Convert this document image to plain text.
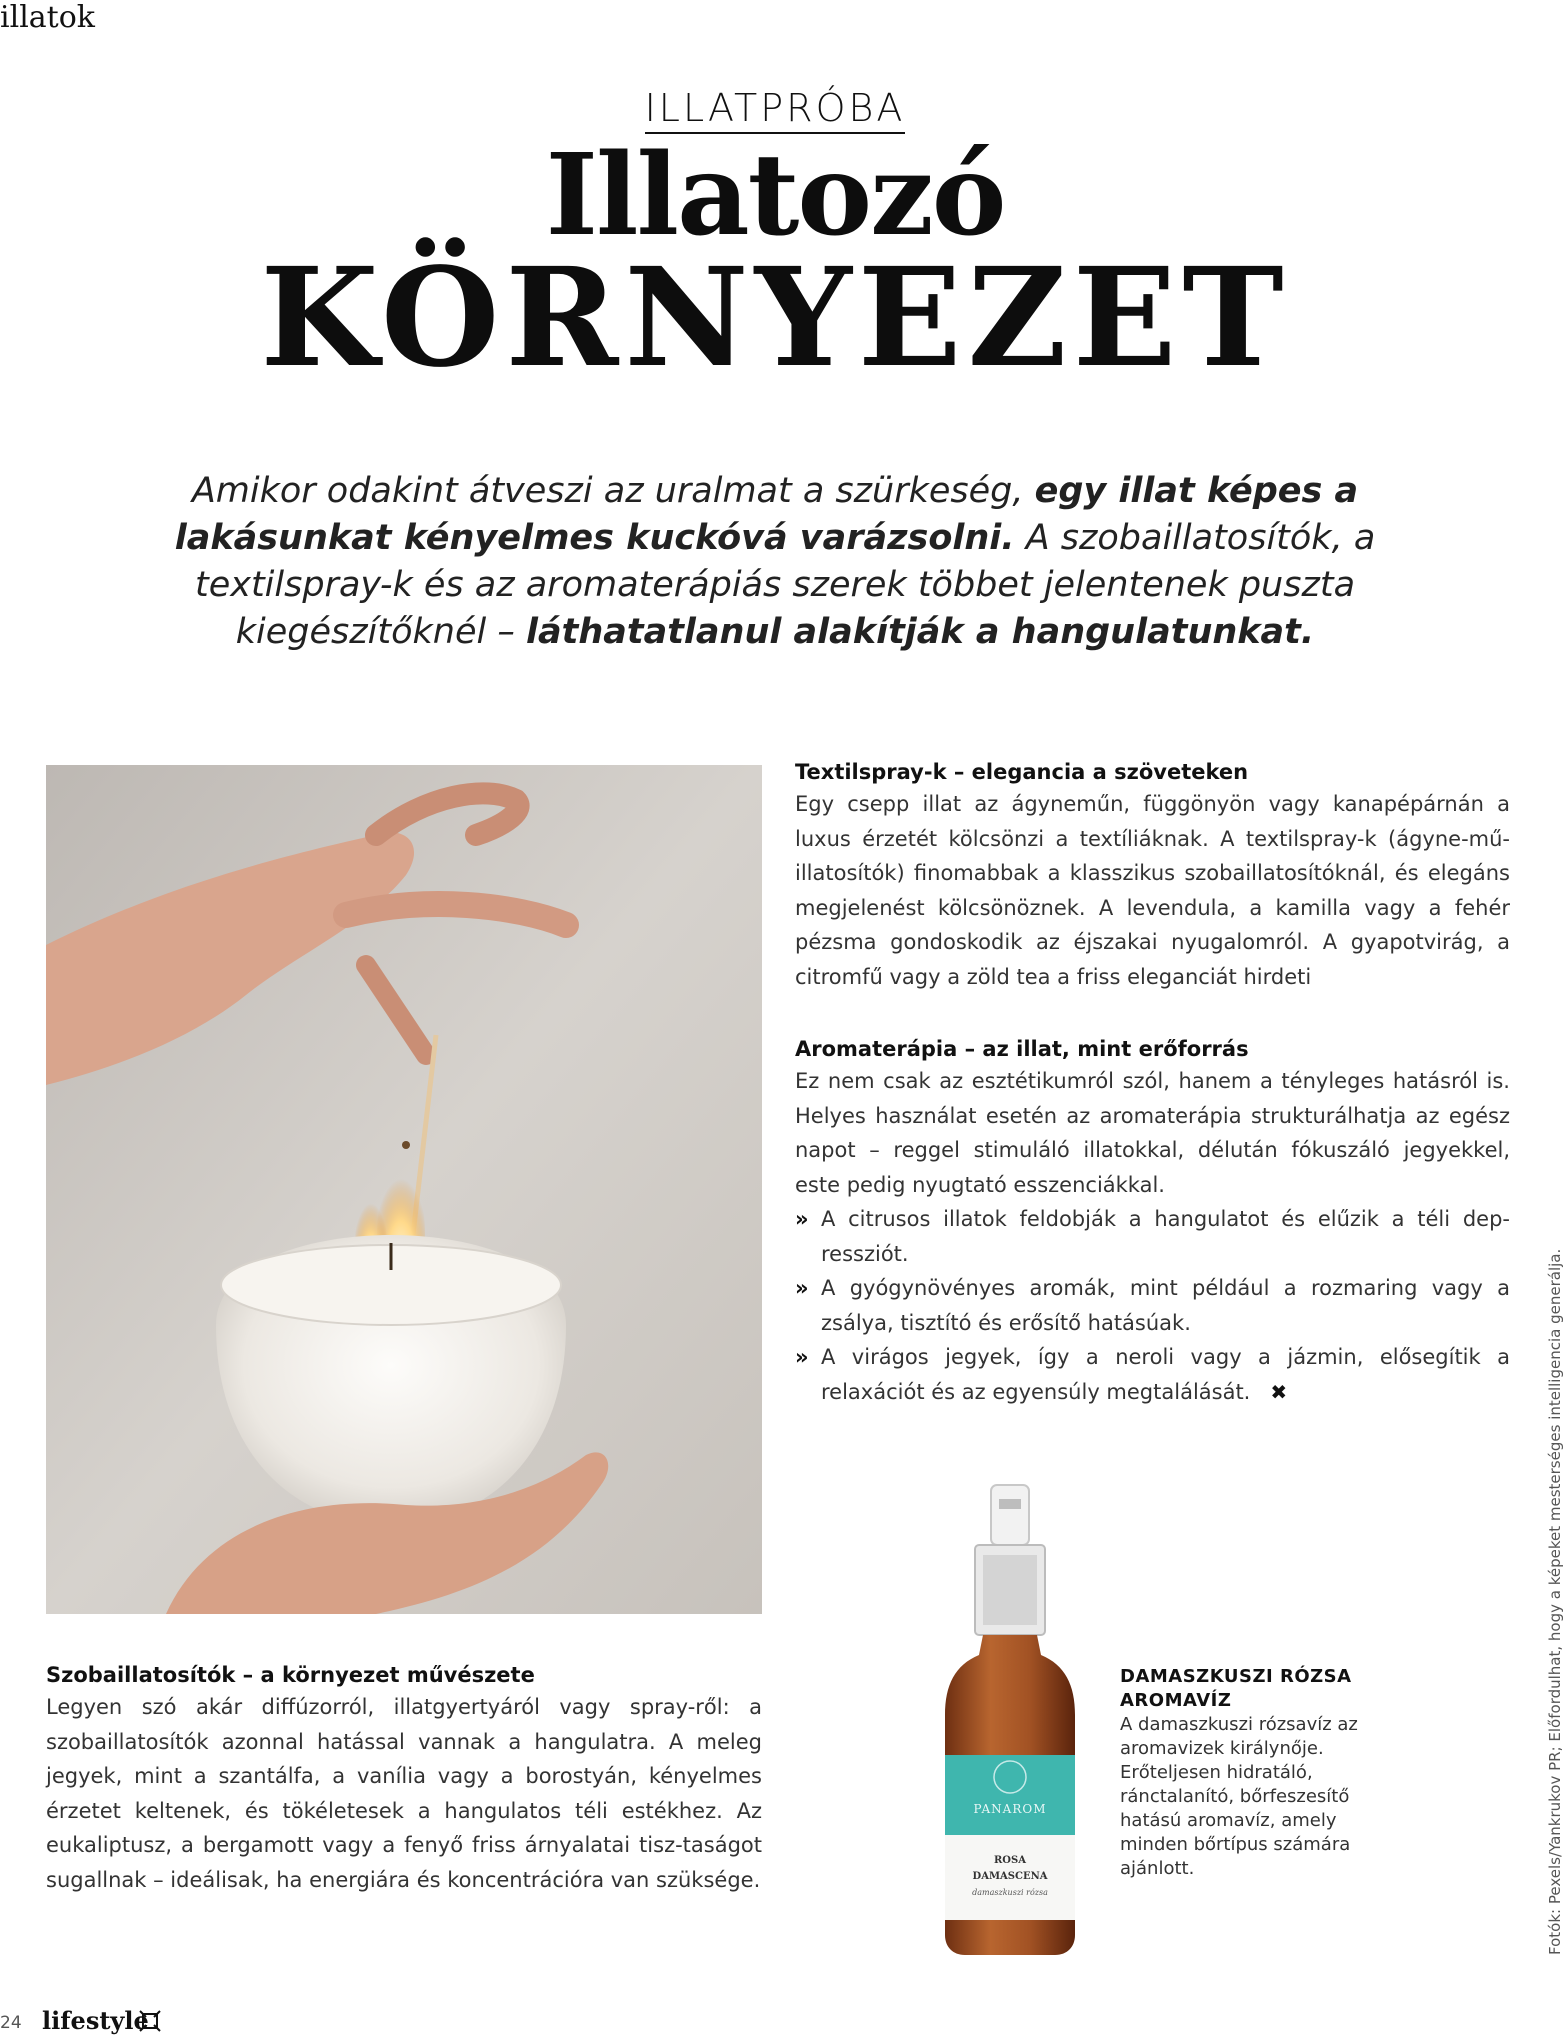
illatok
ILLATPRÓBA
Illatozó
KÖRNYEZET
Amikor odakint átveszi az uralmat a szürkeség, egy illat képes a lakásunkat kényelmes kuckóvá varázsolni. A szobaillatosítók, a textilspray-k és az aromaterápiás szerek többet jelentenek puszta kiegészítőknél – láthatatlanul alakítják a hangulatunkat.
Textilspray-k – elegancia a szöveteken

Egy csepp illat az ágyneműn, függönyön vagy kanapépárnán a luxus érzetét kölcsönzi a textíliáknak. A textilspray-k (ágyne-mű-illatosítók) finomabbak a klasszikus szobaillatosítóknál, és elegáns megjelenést kölcsönöznek. A levendula, a kamilla vagy a fehér pézsma gondoskodik az éjszakai nyugalomról. A gyapotvirág, a citromfű vagy a zöld tea a friss eleganciát hirdeti

Aromaterápia – az illat, mint erőforrás

Ez nem csak az esztétikumról szól, hanem a tényleges hatásról is. Helyes használat esetén az aromaterápia strukturálhatja az egész napot – reggel stimuláló illatokkal, délután fókuszáló jegyekkel, este pedig nyugtató esszenciákkal.

» A citrusos illatok feldobják a hangulatot és elűzik a téli dep-ressziót.
» A gyógynövényes aromák, mint például a rozmaring vagy a zsálya, tisztító és erősítő hatásúak.
» A virágos jegyek, így a neroli vagy a jázmin, elősegítik a relaxációt és az egyensúly megtalálását. ✖
Szobaillatosítók – a környezet művészete

Legyen szó akár diffúzorról, illatgyertyáról vagy spray-ről: a szobaillatosítók azonnal hatással vannak a hangulatra. A meleg jegyek, mint a szantálfa, a vanília vagy a borostyán, kényelmes érzetet keltenek, és tökéletesek a hangulatos téli estékhez. Az eukaliptusz, a bergamott vagy a fenyő friss árnyalatai tisz-taságot sugallnak – ideálisak, ha energiára és koncentrációra van szüksége.

PANAROM
ROSA
DAMASCENA
damaszkuszi rózsa
DAMASZKUSZI RÓZSA
AROMAVÍZ

A damaszkuszi rózsavíz az aromavizek királynője. Erőteljesen hidratáló, ránctalanító, bőrfeszesítő hatású aromavíz, amely minden bőrtípus számára ajánlott.	Fotók: Pexels/Yankrukov PR; Előfordulhat, hogy a képeket mesterséges intelligencia generálja.
24 lifestyle
